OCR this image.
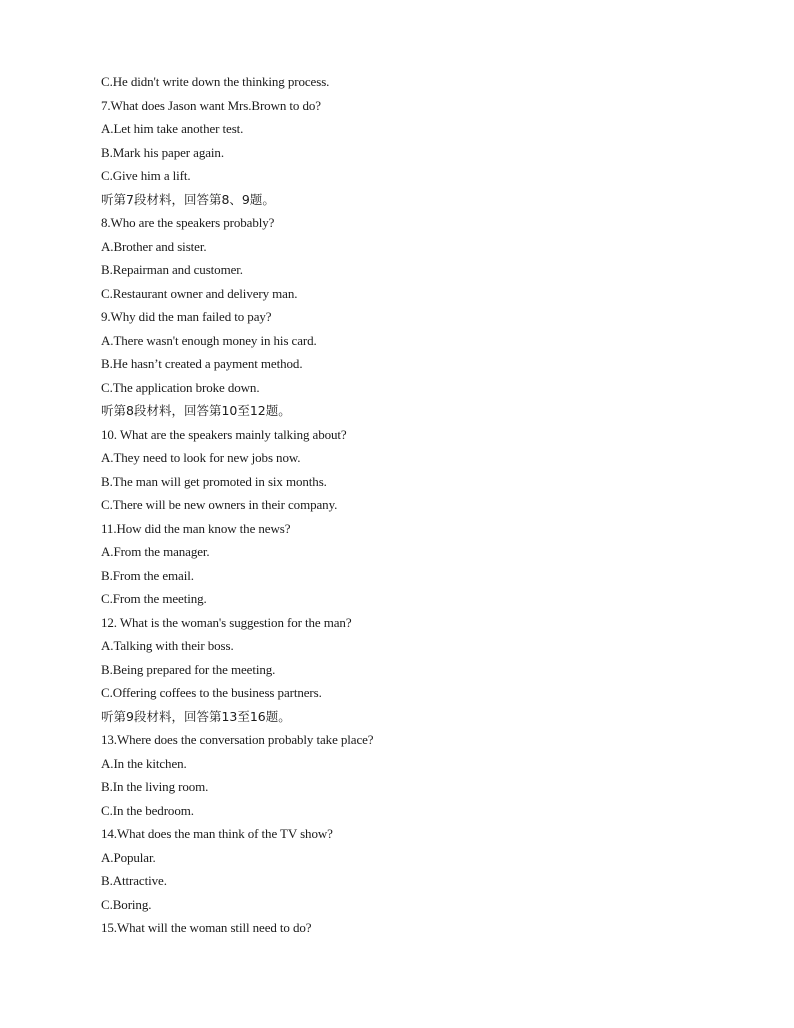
C.He didn't write down the thinking process.
7.What does Jason want Mrs.Brown to do?
A.Let him take another test.
B.Mark his paper again.
C.Give him a lift.
听第7段材料，回答第8、9题。
8.Who are the speakers probably?
A.Brother and sister.
B.Repairman and customer.
C.Restaurant owner and delivery man.
9.Why did the man failed to pay?
A.There wasn't enough money in his card.
B.He hasn’t created a payment method.
C.The application broke down.
听第8段材料，回答第10至12题。
10. What are the speakers mainly talking about?
A.They need to look for new jobs now.
B.The man will get promoted in six months.
C.There will be new owners in their company.
11.How did the man know the news?
A.From the manager.
B.From the email.
C.From the meeting.
12. What is the woman's suggestion for the man?
A.Talking with their boss.
B.Being prepared for the meeting.
C.Offering coffees to the business partners.
听第9段材料，回答第13至16题。
13.Where does the conversation probably take place?
A.In the kitchen.
B.In the living room.
C.In the bedroom.
14.What does the man think of the TV show?
A.Popular.
B.Attractive.
C.Boring.
15.What will the woman still need to do?
